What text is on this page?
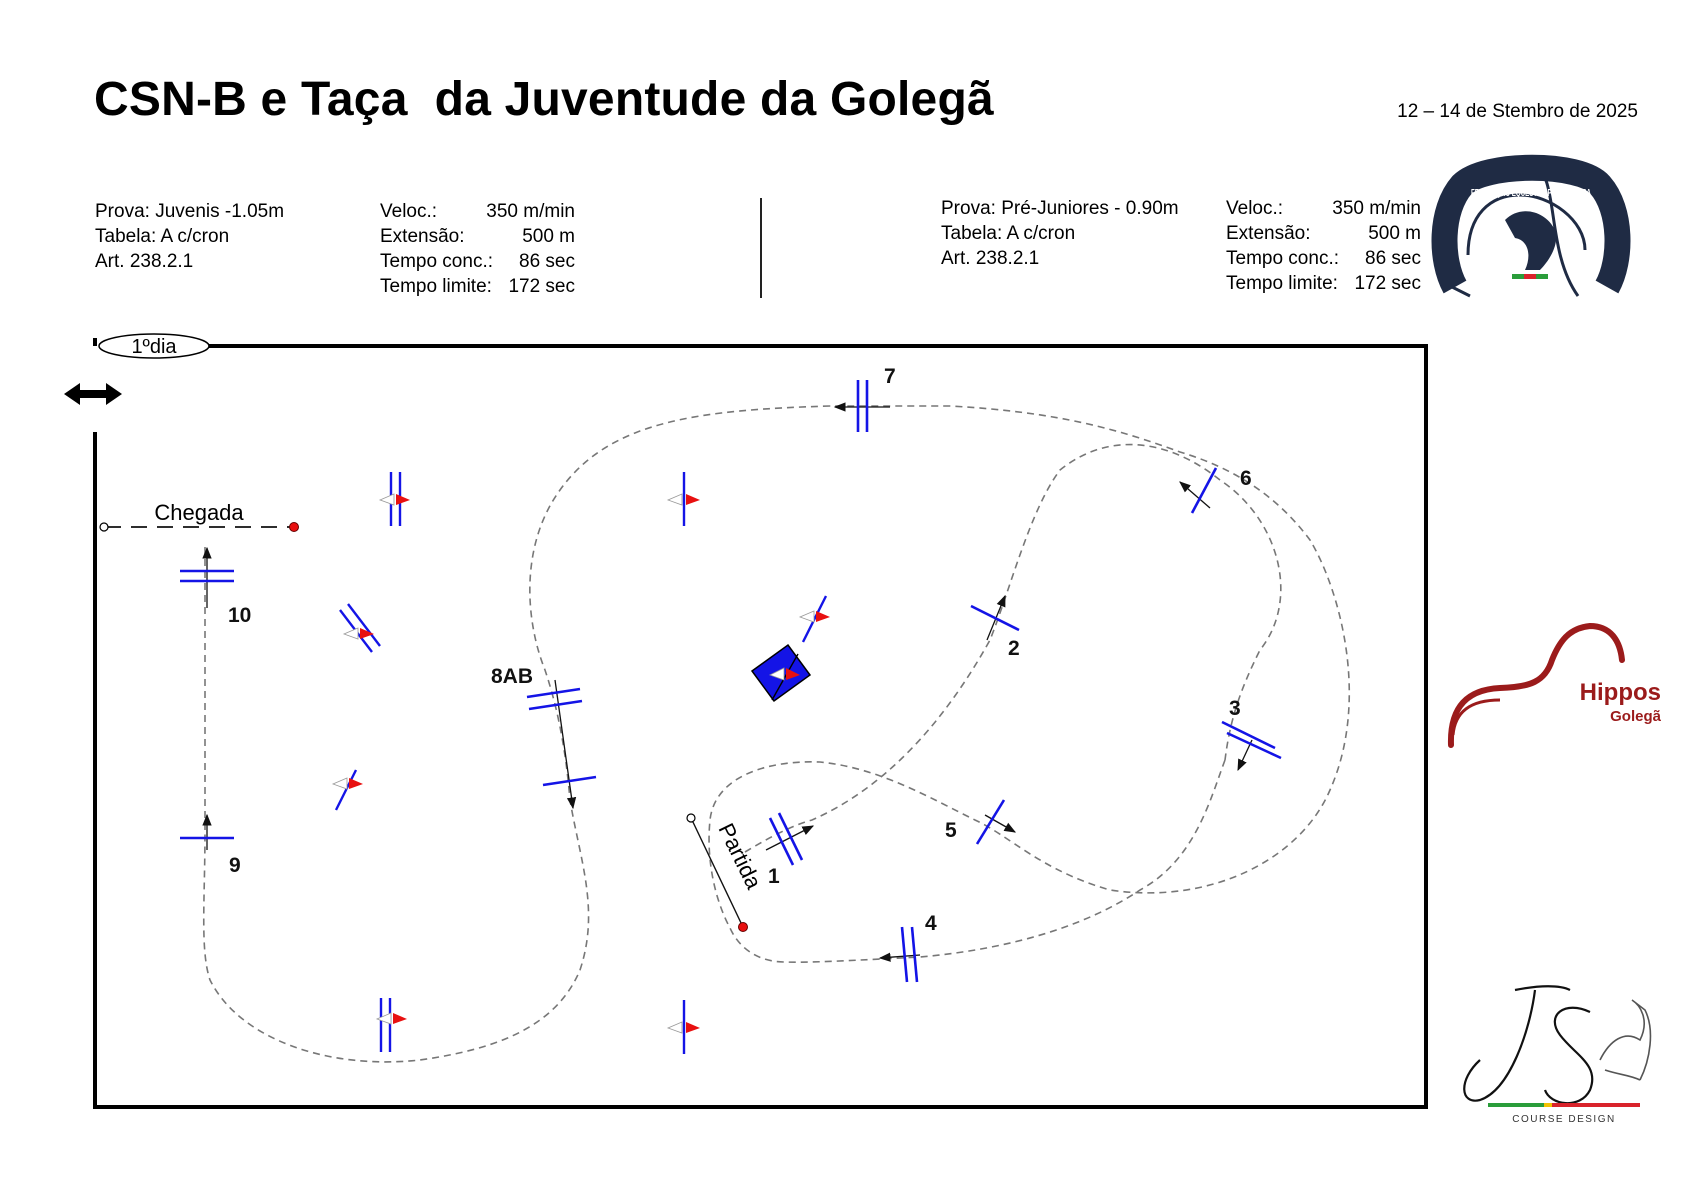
CSN-B e Taça  da Juventude da Golegã	12 – 14 de Stembro de 2025
Prova: Juvenis -1.05m
Tabela: A c/cron
Art. 238.2.1
Veloc.:	350 m/min
Extensão:	500 m
Tempo conc.: 86 sec
Tempo limite: 172 sec
Prova: Pré-Juniores - 0.90m
Tabela: A c/cron
Art. 238.2.1
Veloc.:	350 m/min
Extensão:	500 m
Tempo conc.: 86 sec
Tempo limite: 172 sec
1ºdia
Chegada
Partida 1
2
3
4
5
6
7
8AB
9
10
FEDERAÇÃO EQUESTRE PORTUGUESA
Hippos
Golegã
COURSE DESIGN
